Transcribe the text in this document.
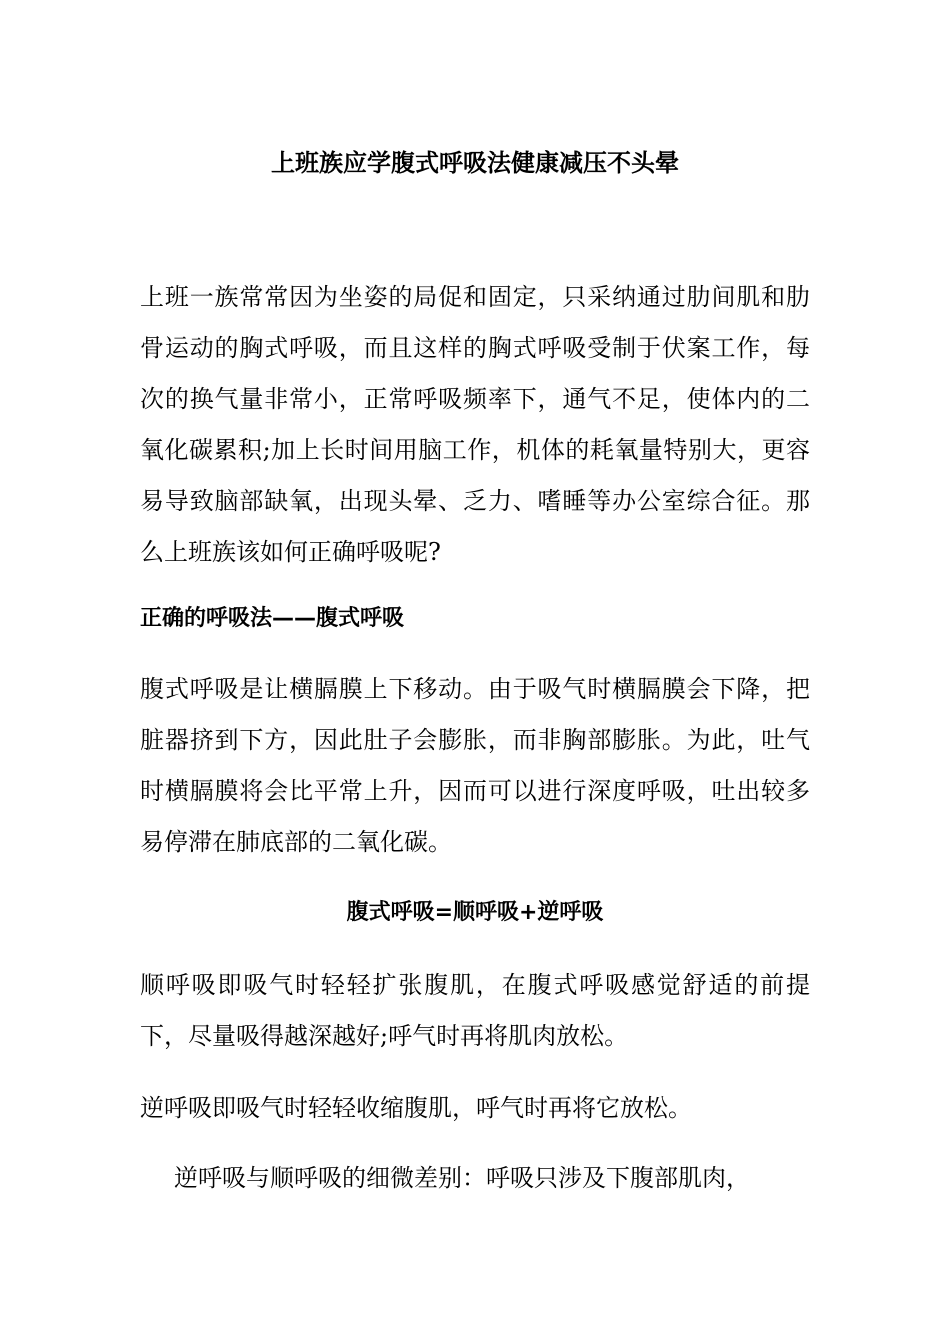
上班族应学腹式呼吸法健康减压不头晕

上班一族常常因为坐姿的局促和固定，只采纳通过肋间肌和肋骨运动的胸式呼吸，而且这样的胸式呼吸受制于伏案工作，每次的换气量非常小，正常呼吸频率下，通气不足，使体内的二氧化碳累积;加上长时间用脑工作，机体的耗氧量特别大，更容易导致脑部缺氧，出现头晕、乏力、嗜睡等办公室综合征。那么上班族该如何正确呼吸呢?

正确的呼吸法——腹式呼吸

腹式呼吸是让横膈膜上下移动。由于吸气时横膈膜会下降，把脏器挤到下方，因此肚子会膨胀，而非胸部膨胀。为此，吐气时横膈膜将会比平常上升，因而可以进行深度呼吸，吐出较多易停滞在肺底部的二氧化碳。

腹式呼吸=顺呼吸+逆呼吸

顺呼吸即吸气时轻轻扩张腹肌，在腹式呼吸感觉舒适的前提下，尽量吸得越深越好;呼气时再将肌肉放松。

逆呼吸即吸气时轻轻收缩腹肌，呼气时再将它放松。

逆呼吸与顺呼吸的细微差别：呼吸只涉及下腹部肌肉，
